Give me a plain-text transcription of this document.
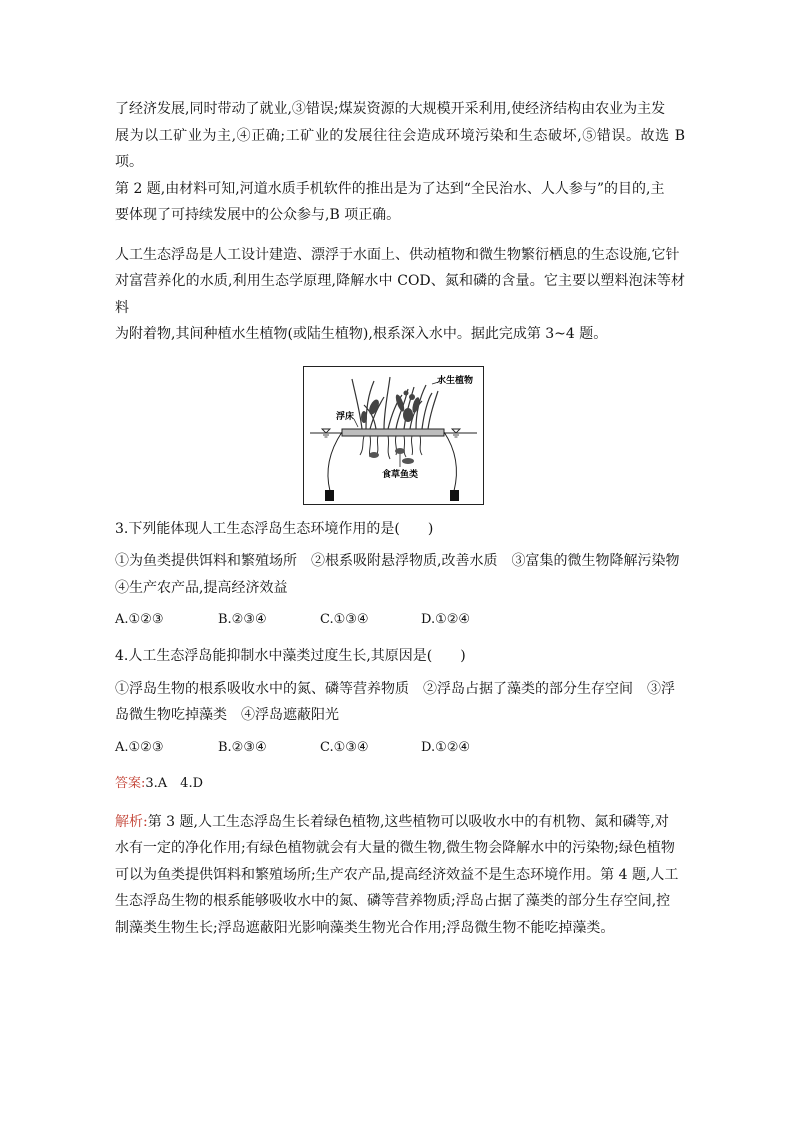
了经济发展,同时带动了就业,③错误;煤炭资源的大规模开采利用,使经济结构由农业为主发

展为以工矿业为主,④正确;工矿业的发展往往会造成环境污染和生态破坏,⑤错误。故选 B 项。

第 2 题,由材料可知,河道水质手机软件的推出是为了达到“全民治水、人人参与”的目的,主

要体现了可持续发展中的公众参与,B 项正确。

人工生态浮岛是人工设计建造、漂浮于水面上、供动植物和微生物繁衍栖息的生态设施,它针

对富营养化的水质,利用生态学原理,降解水中 COD、氮和磷的含量。它主要以塑料泡沫等材料

为附着物,其间种植水生植物(或陆生植物),根系深入水中。据此完成第 3~4 题。

水生植物
浮床
食草鱼类

3.下列能体现人工生态浮岛生态环境作用的是(　　)

①为鱼类提供饵料和繁殖场所　②根系吸附悬浮物质,改善水质　③富集的微生物降解污染物

④生产农产品,提高经济效益

A.①②③	B.②③④	C.①③④	D.①②④

4.人工生态浮岛能抑制水中藻类过度生长,其原因是(　　)

①浮岛生物的根系吸收水中的氮、磷等营养物质　②浮岛占据了藻类的部分生存空间　③浮

岛微生物吃掉藻类　④浮岛遮蔽阳光

A.①②③	B.②③④	C.①③④	D.①②④

答案:3.A　4.D

解析:第 3 题,人工生态浮岛生长着绿色植物,这些植物可以吸收水中的有机物、氮和磷等,对

水有一定的净化作用;有绿色植物就会有大量的微生物,微生物会降解水中的污染物;绿色植物

可以为鱼类提供饵料和繁殖场所;生产农产品,提高经济效益不是生态环境作用。第 4 题,人工

生态浮岛生物的根系能够吸收水中的氮、磷等营养物质;浮岛占据了藻类的部分生存空间,控

制藻类生物生长;浮岛遮蔽阳光影响藻类生物光合作用;浮岛微生物不能吃掉藻类。
